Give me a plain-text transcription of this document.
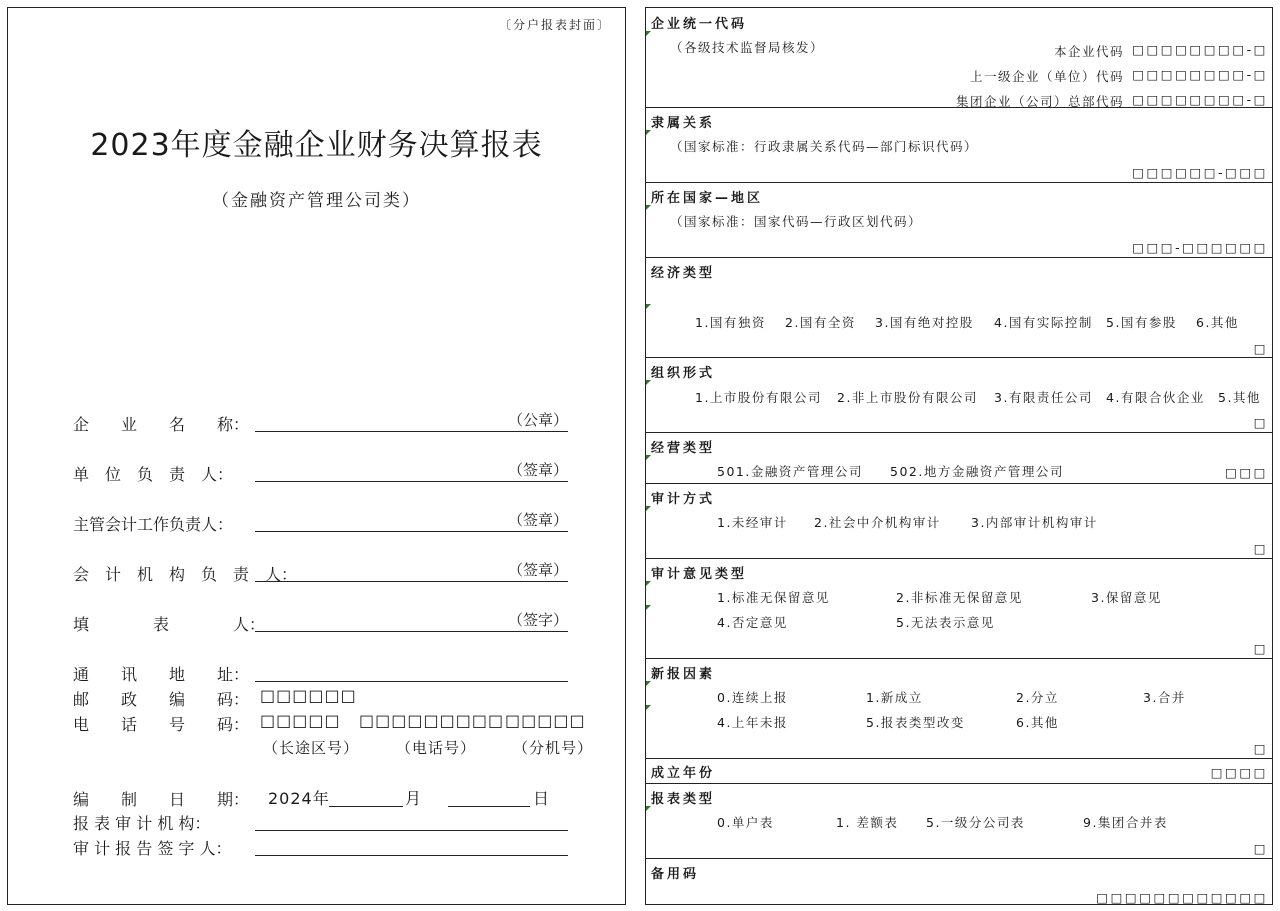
〔分户报表封面〕
2023年度金融企业财务决算报表
（金融资产管理公司类）
企　　业　　名　　称：	（公章）
单　位　负　责　人：	（签章）
主管会计工作负责人：	（签章）
会　计　机　构　负　责　人：	（签章）
填　　　　表　　　　人：	（签字）
通　　讯　　地　　址：
邮　　政　　编　　码： □□□□□□
电　　话　　号　　码： □□□□□ □□□□□□□□□ □□□□□
（长途区号） （电话号） （分机号）
编　　制　　日　　期： 2024年	月	日
报 表 审 计 机 构：
审 计 报 告 签 字 人：
企业统一代码
（各级技术监督局核发）	本企业代码 □□□□□□□□-□
上一级企业（单位）代码 □□□□□□□□-□
集团企业（公司）总部代码 □□□□□□□□-□
隶属关系
（国家标准：行政隶属关系代码—部门标识代码）
□□□□□□-□□□
所在国家—地区
（国家标准：国家代码—行政区划代码）
□□□-□□□□□□
经济类型
1.国有独资 2.国有全资 3.国有绝对控股 4.国有实际控制 5.国有参股 6.其他
□
组织形式
1.上市股份有限公司 2.非上市股份有限公司 3.有限责任公司 4.有限合伙企业 5.其他
□
经营类型
501.金融资产管理公司 502.地方金融资产管理公司	□□□
审计方式
1.未经审计 2.社会中介机构审计 3.内部审计机构审计
□
审计意见类型
1.标准无保留意见	2.非标准无保留意见	3.保留意见
4.否定意见	5.无法表示意见
□
新报因素
0.连续上报	1.新成立	2.分立	3.合并
4.上年未报	5.报表类型改变	6.其他
□
成立年份	□□□□
报表类型
0.单户表	1. 差额表 5.一级分公司表	9.集团合并表
□
备用码
□□□□□□□□□□□□
